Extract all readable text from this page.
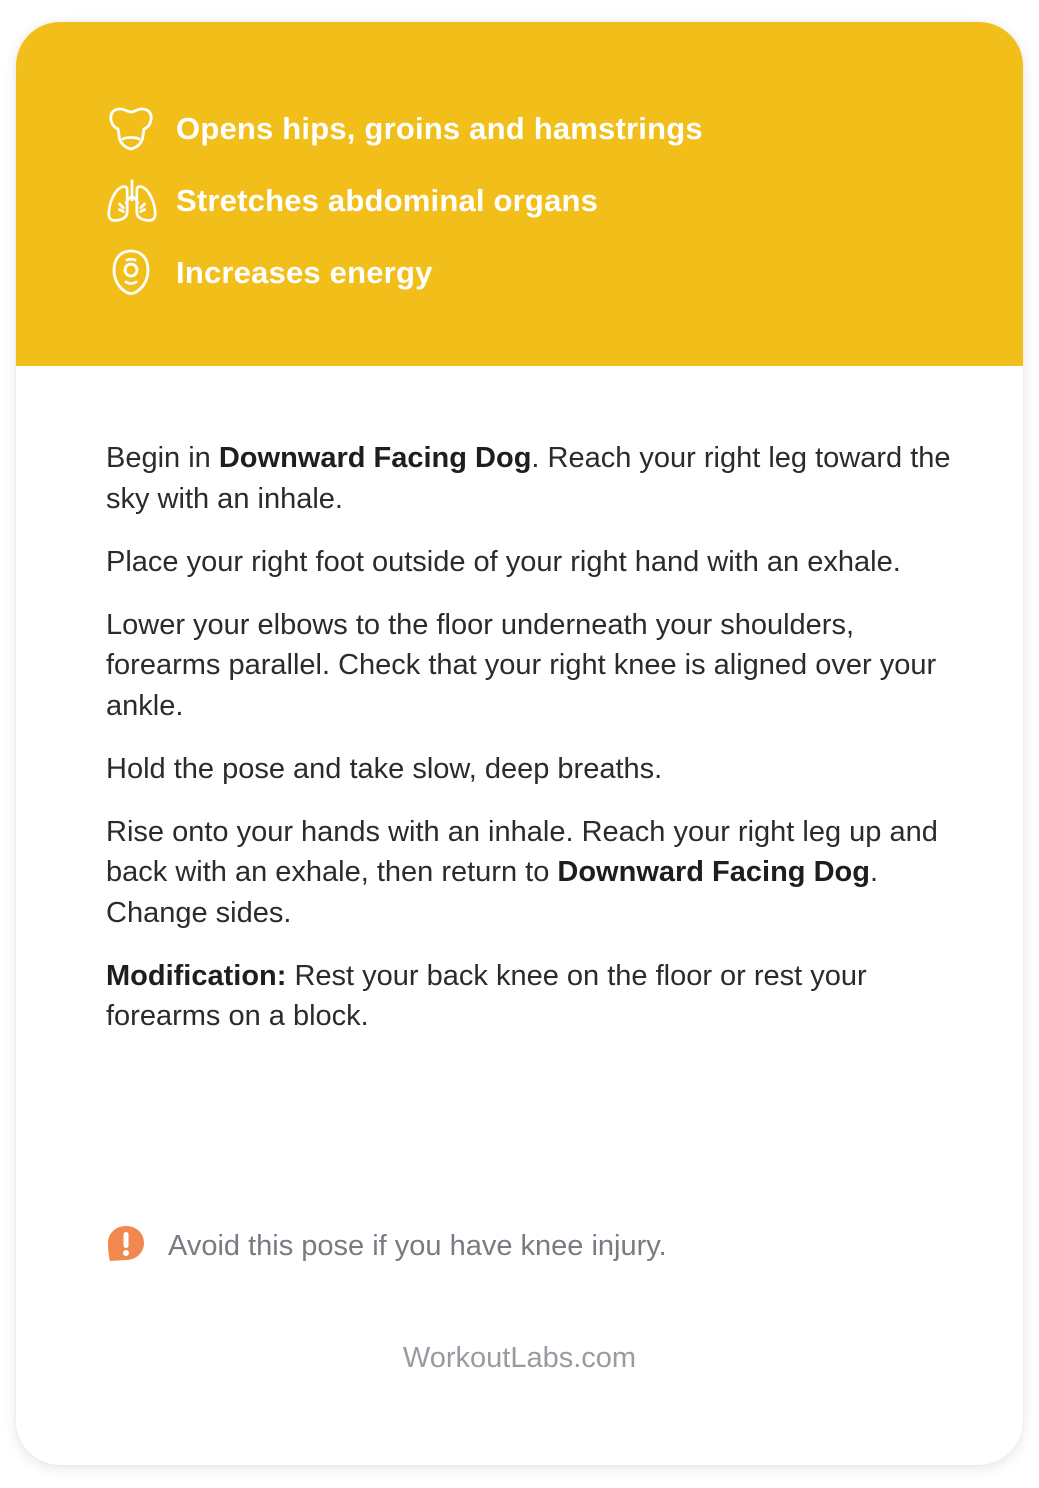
Opens hips, groins and hamstrings
Stretches abdominal organs
Increases energy

Begin in Downward Facing Dog. Reach your right leg toward the sky with an inhale.

Place your right foot outside of your right hand with an exhale.

Lower your elbows to the floor underneath your shoulders, forearms parallel. Check that your right knee is aligned over your ankle.

Hold the pose and take slow, deep breaths.

Rise onto your hands with an inhale. Reach your right leg up and back with an exhale, then return to Downward Facing Dog. Change sides.

Modification: Rest your back knee on the floor or rest your forearms on a block.

Avoid this pose if you have knee injury.
WorkoutLabs.com
